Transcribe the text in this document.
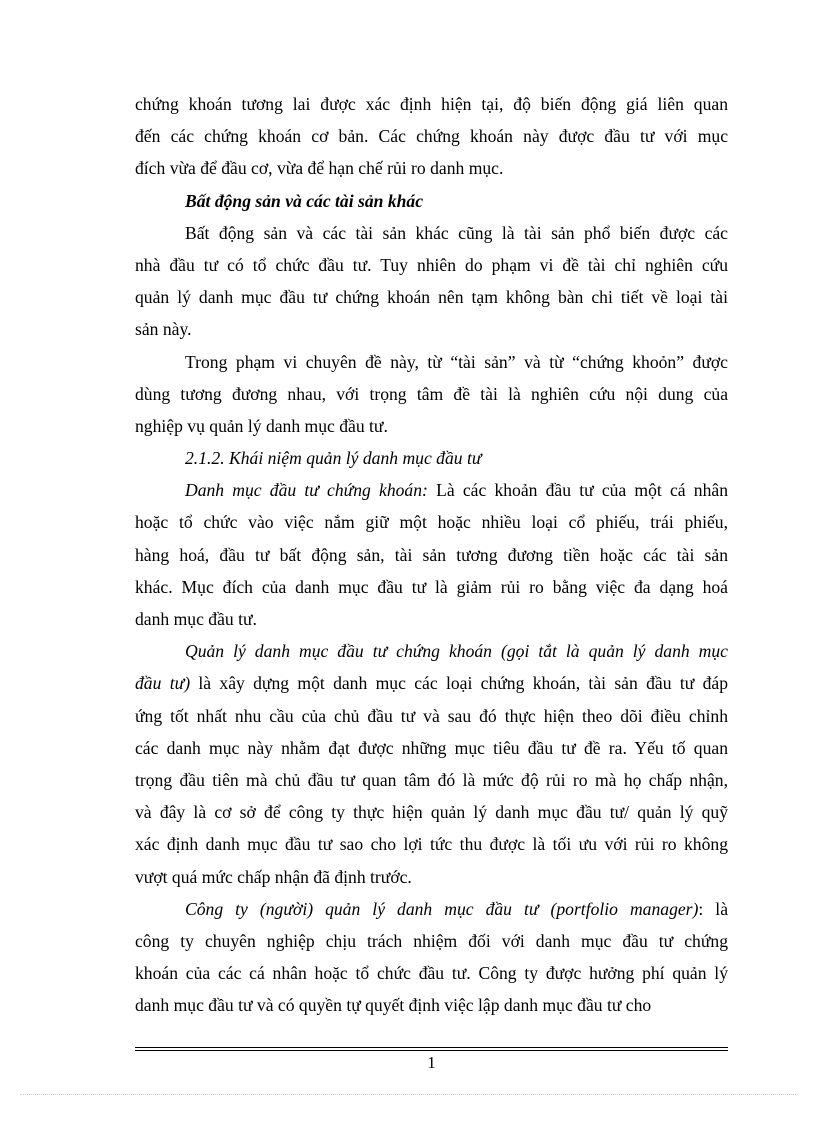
chứng khoán tương lai được xác định hiện tại, độ biến động giá liên quan
đến các chứng khoán cơ bản. Các chứng khoán này được đầu tư với mục
đích vừa để đầu cơ, vừa để hạn chế rủi ro danh mục.
Bất động sản và các tài sản khác
Bất động sản và các tài sản khác cũng là tài sản phổ biến được các
nhà đầu tư có tổ chức đầu tư. Tuy nhiên do phạm vi đề tài chỉ nghiên cứu
quản lý danh mục đầu tư chứng khoán nên tạm không bàn chi tiết về loại tài
sản này.
Trong phạm vi chuyên đề này, từ “tài sản” và từ “chứng khoỏn” được
dùng tương đương nhau, với trọng tâm đề tài là nghiên cứu nội dung của
nghiệp vụ quản lý danh mục đầu tư.
2.1.2. Khái niệm quản lý danh mục đầu tư
Danh mục đầu tư chứng khoán: Là các khoản đầu tư của một cá nhân
hoặc tổ chức vào việc nắm giữ một hoặc nhiều loại cổ phiếu, trái phiếu,
hàng hoá, đầu tư bất động sản, tài sản tương đương tiền hoặc các tài sản
khác. Mục đích của danh mục đầu tư là giảm rủi ro bằng việc đa dạng hoá
danh mục đầu tư.
Quản lý danh mục đầu tư chứng khoán (gọi tắt là quản lý danh mục
đầu tư) là xây dựng một danh mục các loại chứng khoán, tài sản đầu tư đáp
ứng tốt nhất nhu cầu của chủ đầu tư và sau đó thực hiện theo dõi điều chỉnh
các danh mục này nhằm đạt được những mục tiêu đầu tư đề ra. Yếu tố quan
trọng đầu tiên mà chủ đầu tư quan tâm đó là mức độ rủi ro mà họ chấp nhận,
và đây là cơ sở để công ty thực hiện quản lý danh mục đầu tư/ quản lý quỹ
xác định danh mục đầu tư sao cho lợi tức thu được là tối ưu với rủi ro không
vượt quá mức chấp nhận đã định trước.
Công ty (người) quản lý danh mục đầu tư (portfolio manager): là
công ty chuyên nghiệp chịu trách nhiệm đối với danh mục đầu tư chứng
khoán của các cá nhân hoặc tổ chức đầu tư. Công ty được hưởng phí quản lý
danh mục đầu tư và có quyền tự quyết định việc lập danh mục đầu tư cho
1
